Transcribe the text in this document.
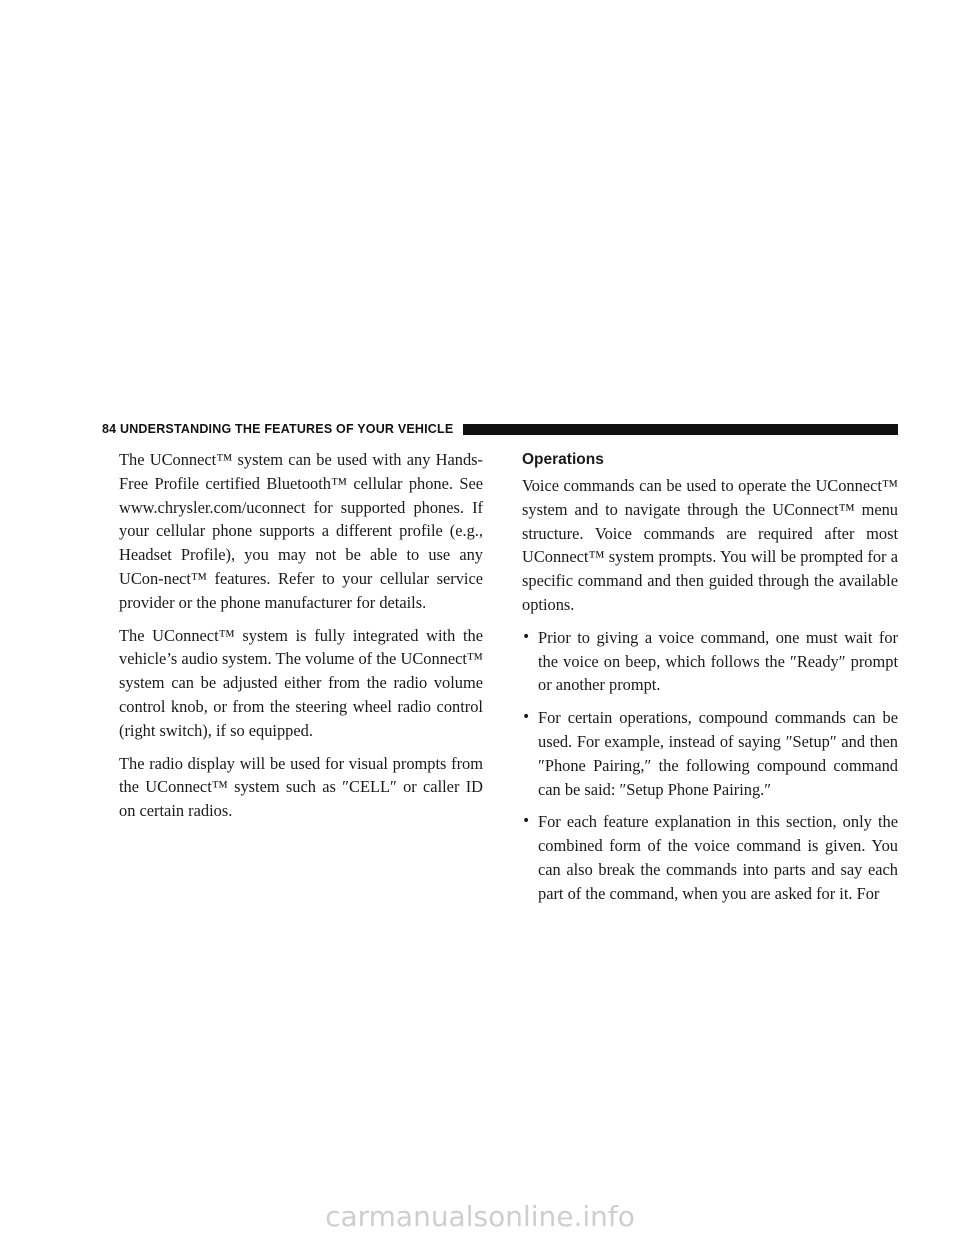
84 UNDERSTANDING THE FEATURES OF YOUR VEHICLE

The UConnect™ system can be used with any Hands-Free Profile certified Bluetooth™ cellular phone. See www.chrysler.com/uconnect for supported phones. If your cellular phone supports a different profile (e.g., Headset Profile), you may not be able to use any UCon-nect™ features. Refer to your cellular service provider or the phone manufacturer for details.

The UConnect™ system is fully integrated with the vehicle’s audio system. The volume of the UConnect™ system can be adjusted either from the radio volume control knob, or from the steering wheel radio control (right switch), if so equipped.

The radio display will be used for visual prompts from the UConnect™ system such as ″CELL″ or caller ID on certain radios.

Operations

Voice commands can be used to operate the UConnect™ system and to navigate through the UConnect™ menu structure. Voice commands are required after most UConnect™ system prompts. You will be prompted for a specific command and then guided through the available options.

• Prior to giving a voice command, one must wait for the voice on beep, which follows the ″Ready″ prompt or another prompt.
• For certain operations, compound commands can be used. For example, instead of saying ″Setup″ and then ″Phone Pairing,″ the following compound command can be said: ″Setup Phone Pairing.″
• For each feature explanation in this section, only the combined form of the voice command is given. You can also break the commands into parts and say each part of the command, when you are asked for it. For
carmanualsonline.info
